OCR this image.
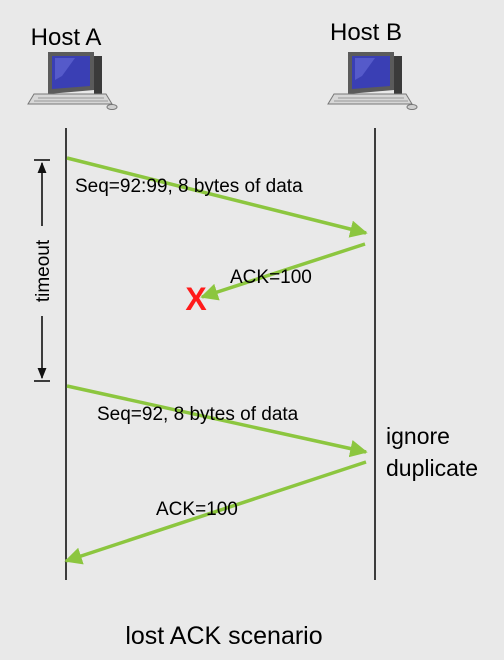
Host A	Host B
timeout
Seq=92:99, 8 bytes of data
ACK=100
X
Seq=92, 8 bytes of data
ACK=100
ignore
duplicate
lost ACK scenario
